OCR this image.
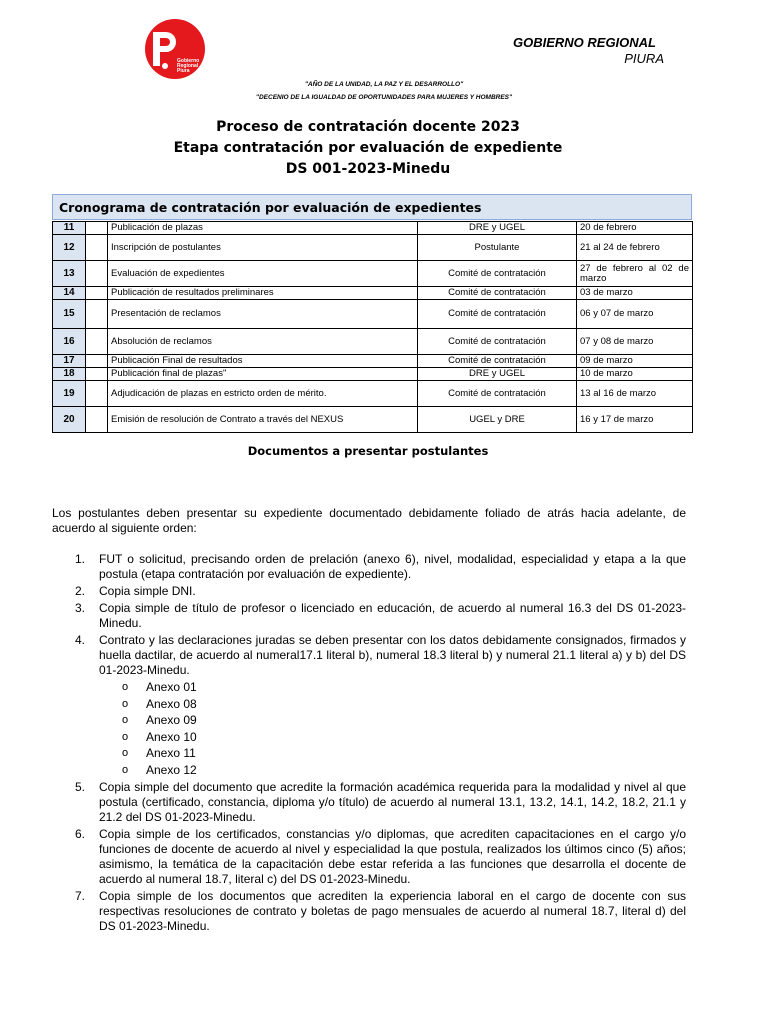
Gobierno
Regional
Piura
GOBIERNO REGIONAL
PIURA
"AÑO DE LA UNIDAD, LA PAZ Y EL DESARROLLO"
"DECENIO DE LA IGUALDAD DE OPORTUNIDADES PARA MUJERES Y HOMBRES"
Proceso de contratación docente 2023
Etapa contratación por evaluación de expediente
DS 001-2023-Minedu
Cronograma de contratación por evaluación de expedientes
11		Publicación de plazas	DRE y UGEL	20 de febrero
12		Inscripción de postulantes	Postulante	21 al 24 de febrero
13		Evaluación de expedientes	Comité de contratación	27 de febrero al 02 de marzo
14		Publicación de resultados preliminares	Comité de contratación	03 de marzo
15		Presentación de reclamos	Comité de contratación	06 y 07 de marzo
16		Absolución de reclamos	Comité de contratación	07 y 08 de marzo
17		Publicación Final de resultados	Comité de contratación	09 de marzo
18		Publicación final de plazas"	DRE y UGEL	10 de marzo
19		Adjudicación de plazas en estricto orden de mérito.	Comité de contratación	13 al 16 de marzo
20		Emisión de resolución de Contrato a través del NEXUS	UGEL y DRE	16 y 17 de marzo
Documentos a presentar postulantes
Los postulantes deben presentar su expediente documentado debidamente foliado de atrás hacia adelante, de acuerdo al siguiente orden:
1. FUT o solicitud, precisando orden de prelación (anexo 6), nivel, modalidad, especialidad y etapa a la que postula (etapa contratación por evaluación de expediente).
2. Copia simple DNI.
3. Copia simple de título de profesor o licenciado en educación, de acuerdo al numeral 16.3 del DS 01-2023-Minedu.
4. Contrato y las declaraciones juradas se deben presentar con los datos debidamente consignados, firmados y huella dactilar, de acuerdo al numeral17.1 literal b), numeral 18.3 literal b) y numeral 21.1 literal a) y b) del DS 01-2023-Minedu.
o Anexo 01
o Anexo 08
o Anexo 09
o Anexo 10
o Anexo 11
o Anexo 12
5. Copia simple del documento que acredite la formación académica requerida para la modalidad y nivel al que postula (certificado, constancia, diploma y/o título) de acuerdo al numeral 13.1, 13.2, 14.1, 14.2, 18.2, 21.1 y 21.2 del DS 01-2023-Minedu.
6. Copia simple de los certificados, constancias y/o diplomas, que acrediten capacitaciones en el cargo y/o funciones de docente de acuerdo al nivel y especialidad la que postula, realizados los últimos cinco (5) años; asimismo, la temática de la capacitación debe estar referida a las funciones que desarrolla el docente de acuerdo al numeral 18.7, literal c) del DS 01-2023-Minedu.
7. Copia simple de los documentos que acrediten la experiencia laboral en el cargo de docente con sus respectivas resoluciones de contrato y boletas de pago mensuales de acuerdo al numeral 18.7, literal d) del DS 01-2023-Minedu.
